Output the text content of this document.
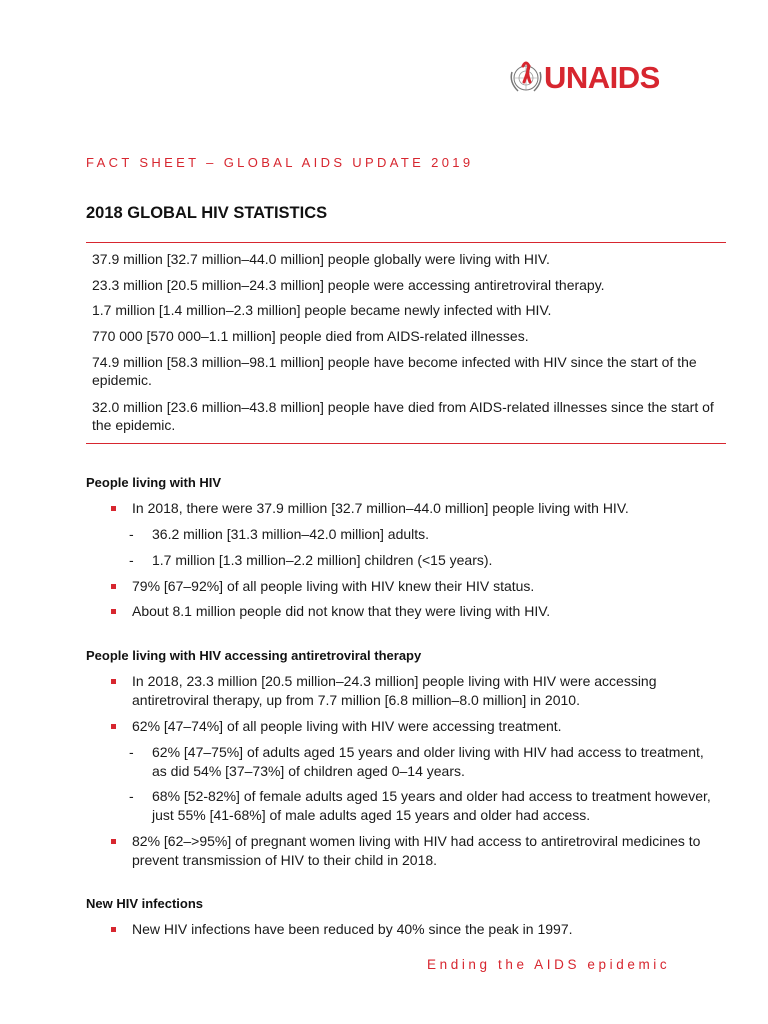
UNAIDS
FACT SHEET – GLOBAL AIDS UPDATE 2019
2018 GLOBAL HIV STATISTICS
37.9 million [32.7 million–44.0 million] people globally were living with HIV.
23.3 million [20.5 million–24.3 million] people were accessing antiretroviral therapy.
1.7 million [1.4 million–2.3 million] people became newly infected with HIV.
770 000 [570 000–1.1 million] people died from AIDS-related illnesses.
74.9 million [58.3 million–98.1 million] people have become infected with HIV since the start of the epidemic.
32.0 million [23.6 million–43.8 million] people have died from AIDS-related illnesses since the start of the epidemic.
People living with HIV
In 2018, there were 37.9 million [32.7 million–44.0 million] people living with HIV.
- 36.2 million [31.3 million–42.0 million] adults.
- 1.7 million [1.3 million–2.2 million] children (<15 years).
79% [67–92%] of all people living with HIV knew their HIV status.
About 8.1 million people did not know that they were living with HIV.
People living with HIV accessing antiretroviral therapy
In 2018, 23.3 million [20.5 million–24.3 million] people living with HIV were accessing antiretroviral therapy, up from 7.7 million [6.8 million–8.0 million] in 2010.
62% [47–74%] of all people living with HIV were accessing treatment.
- 62% [47–75%] of adults aged 15 years and older living with HIV had access to treatment, as did 54% [37–73%] of children aged 0–14 years.
- 68% [52-82%] of female adults aged 15 years and older had access to treatment however, just 55% [41-68%] of male adults aged 15 years and older had access.
82% [62–>95%] of pregnant women living with HIV had access to antiretroviral medicines to prevent transmission of HIV to their child in 2018.
New HIV infections
New HIV infections have been reduced by 40% since the peak in 1997.
Ending the AIDS epidemic
